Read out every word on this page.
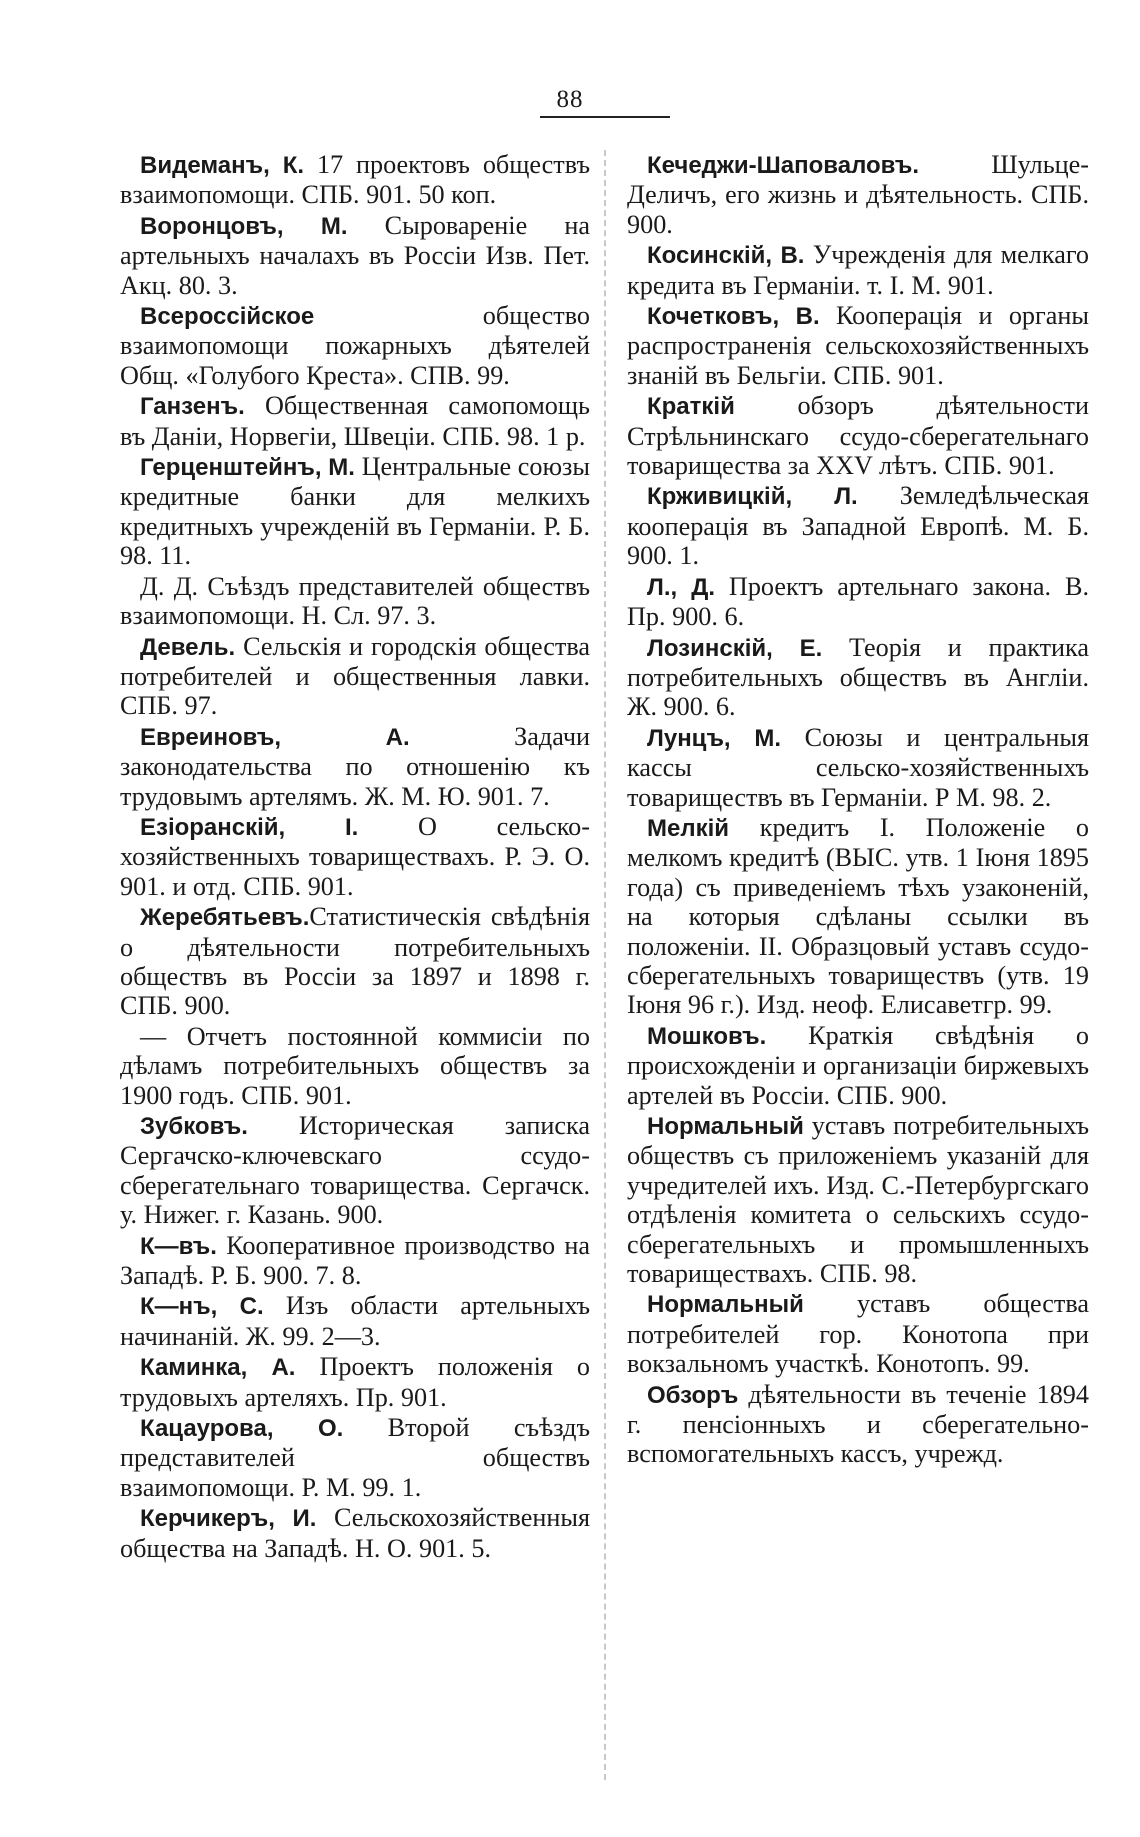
88

Видеманъ, К. 17 проектовъ обществъ взаимопомощи. СПБ. 901. 50 коп.

Воронцовъ, М. Сыровареніе на артельныхъ началахъ въ Россіи Изв. Пет. Акц. 80. 3.

Всероссійское общество взаимопомощи пожарныхъ дѣятелей Общ. «Голубого Креста». СПВ. 99.

Ганзенъ. Общественная самопомощь въ Даніи, Норвегіи, Швеціи. СПБ. 98. 1 р.

Герценштейнъ, М. Центральные союзы кредитные банки для мелкихъ кредитныхъ учрежденій въ Германіи. Р. Б. 98. 11.

Д. Д. Съѣздъ представителей обществъ взаимопомощи. Н. Сл. 97. 3.

Девель. Сельскія и городскія общества потребителей и общественныя лавки. СПБ. 97.

Евреиновъ, А. Задачи законодательства по отношенію къ трудовымъ артелямъ. Ж. М. Ю. 901. 7.

Езіоранскій, І. О сельско-хозяйственныхъ товариществахъ. Р. Э. О. 901. и отд. СПБ. 901.

Жеребятьевъ.Статистическія свѣдѣнія о дѣятельности потребительныхъ обществъ въ Россіи за 1897 и 1898 г. СПБ. 900.

— Отчетъ постоянной коммисіи по дѣламъ потребительныхъ обществъ за 1900 годъ. СПБ. 901.

Зубковъ. Историческая записка Сергачско-ключевскаго ссудо-сберегательнаго товарищества. Сергачск. у. Нижег. г. Казань. 900.

К—въ. Кооперативное производство на Западѣ. Р. Б. 900. 7. 8.

К—нъ, С. Изъ области артельныхъ начинаній. Ж. 99. 2—3.

Каминка, А. Проектъ положенія о трудовыхъ артеляхъ. Пр. 901.

Кацаурова, О. Второй съѣздъ представителей обществъ взаимопомощи. Р. М. 99. 1.

Керчикеръ, И. Сельскохозяйственныя общества на Западѣ. Н. О. 901. 5.

Кечеджи-Шаповаловъ. Шульце-Деличъ, его жизнь и дѣятельность. СПБ. 900.

Косинскій, В. Учрежденія для мелкаго кредита въ Германіи. т. I. М. 901.

Кочетковъ, В. Кооперація и органы распространенія сельскохозяйственныхъ знаній въ Бельгіи. СПБ. 901.

Краткій обзоръ дѣятельности Стрѣльнинскаго ссудо-сберегательнаго товарищества за XXV лѣтъ. СПБ. 901.

Крживицкій, Л. Земледѣльческая кооперація въ Западной Европѣ. М. Б. 900. 1.

Л., Д. Проектъ артельнаго закона. В. Пр. 900. 6.

Лозинскій, Е. Теорія и практика потребительныхъ обществъ въ Англіи. Ж. 900. 6.

Лунцъ, М. Союзы и центральныя кассы сельско-хозяйственныхъ товариществъ въ Германіи. Р М. 98. 2.

Мелкій кредитъ І. Положеніе о мелкомъ кредитѣ (ВЫС. утв. 1 Іюня 1895 года) съ приведеніемъ тѣхъ узаконеній, на которыя сдѣланы ссылки въ положеніи. II. Образцовый уставъ ссудо-сберегательныхъ товариществъ (утв. 19 Іюня 96 г.). Изд. неоф. Елисаветгр. 99.

Мошковъ. Краткія свѣдѣнія о происхожденіи и организаціи биржевыхъ артелей въ Россіи. СПБ. 900.

Нормальный уставъ потребительныхъ обществъ съ приложеніемъ указаній для учредителей ихъ. Изд. С.-Петербургскаго отдѣленія комитета о сельскихъ ссудо-сберегательныхъ и промышленныхъ товариществахъ. СПБ. 98.

Нормальный уставъ общества потребителей гор. Конотопа при вокзальномъ участкѣ. Конотопъ. 99.

Обзоръ дѣятельности въ теченіе 1894 г. пенсіонныхъ и сберегательно-вспомогательныхъ кассъ, учрежд.
